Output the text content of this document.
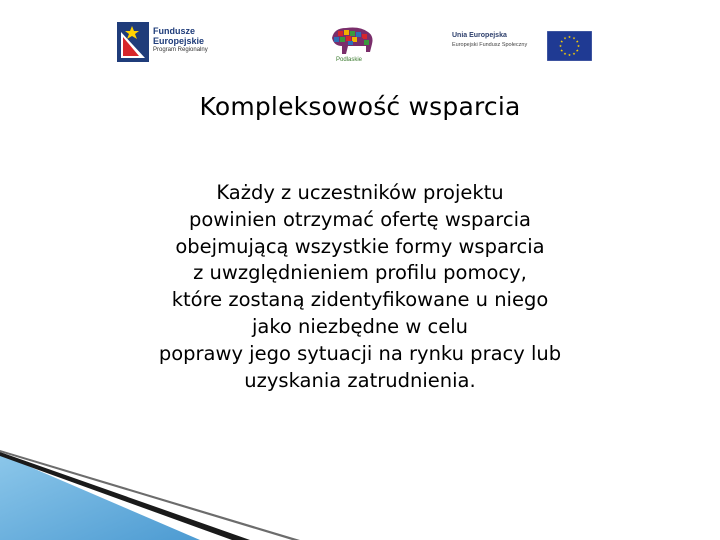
Fundusze
Europejskie
Program Regionalny
Podlaskie
Unia Europejska
Europejski Fundusz Społeczny
Kompleksowość wsparcia
Każdy z uczestników projektu
powinien otrzymać ofertę wsparcia
obejmującą wszystkie formy wsparcia
z uwzględnieniem profilu pomocy,
które zostaną zidentyfikowane u niego
jako niezbędne w celu
poprawy jego sytuacji na rynku pracy lub
uzyskania zatrudnienia.
